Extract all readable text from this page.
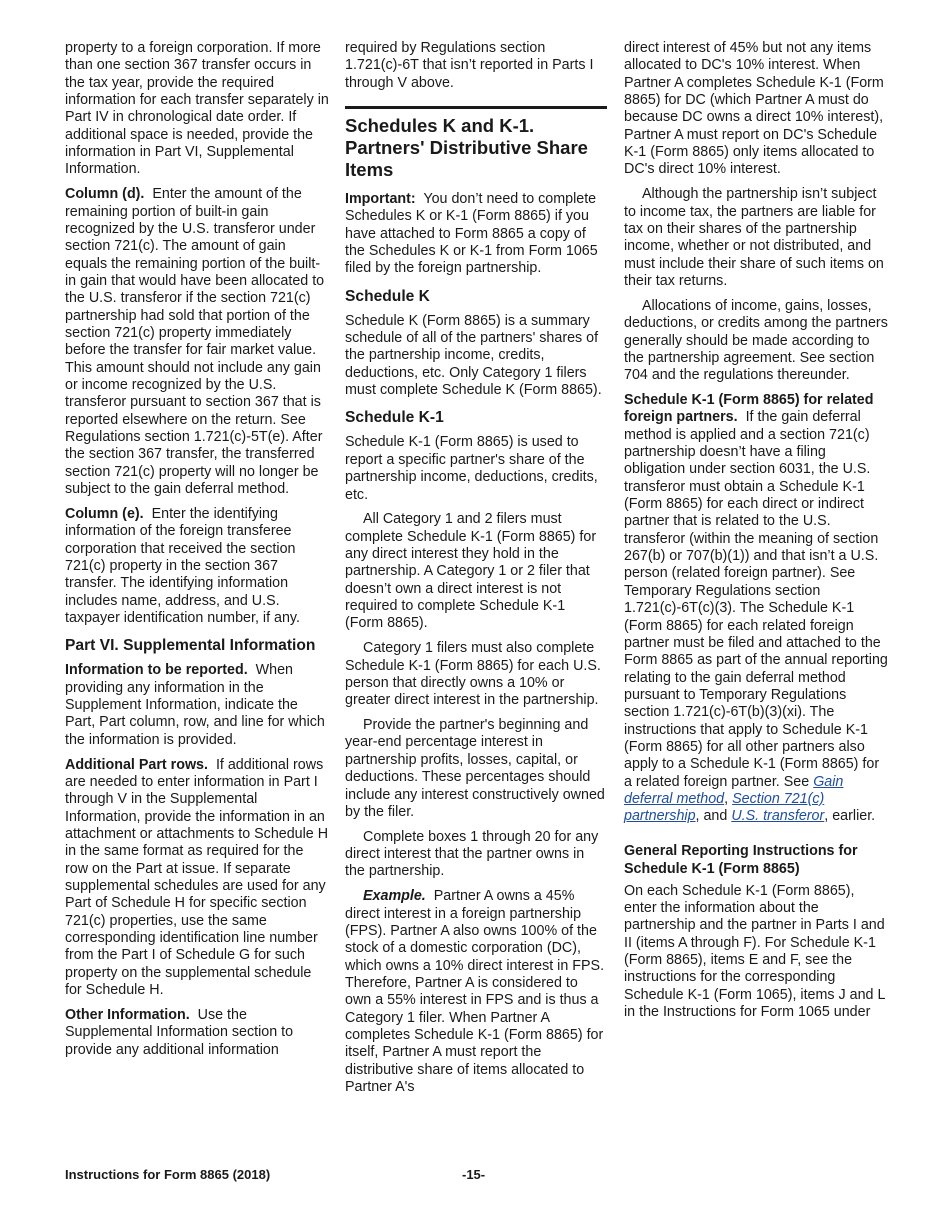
property to a foreign corporation. If more than one section 367 transfer occurs in the tax year, provide the required information for each transfer separately in Part IV in chronological date order. If additional space is needed, provide the information in Part VI, Supplemental Information.

Column (d). Enter the amount of the remaining portion of built-in gain recognized by the U.S. transferor under section 721(c). The amount of gain equals the remaining portion of the built-in gain that would have been allocated to the U.S. transferor if the section 721(c) partnership had sold that portion of the section 721(c) property immediately before the transfer for fair market value. This amount should not include any gain or income recognized by the U.S. transferor pursuant to section 367 that is reported elsewhere on the return. See Regulations section 1.721(c)-5T(e). After the section 367 transfer, the transferred section 721(c) property will no longer be subject to the gain deferral method.

Column (e). Enter the identifying information of the foreign transferee corporation that received the section 721(c) property in the section 367 transfer. The identifying information includes name, address, and U.S. taxpayer identification number, if any.

Part VI. Supplemental Information

Information to be reported. When providing any information in the Supplement Information, indicate the Part, Part column, row, and line for which the information is provided.

Additional Part rows. If additional rows are needed to enter information in Part I through V in the Supplemental Information, provide the information in an attachment or attachments to Schedule H in the same format as required for the row on the Part at issue. If separate supplemental schedules are used for any Part of Schedule H for specific section 721(c) properties, use the same corresponding identification line number from the Part I of Schedule G for such property on the supplemental schedule for Schedule H.

Other Information. Use the Supplemental Information section to provide any additional information

required by Regulations section 1.721(c)-6T that isn’t reported in Parts I through V above.

Schedules K and K-1. Partners' Distributive Share Items

Important: You don’t need to complete Schedules K or K-1 (Form 8865) if you have attached to Form 8865 a copy of the Schedules K or K-1 from Form 1065 filed by the foreign partnership.

Schedule K

Schedule K (Form 8865) is a summary schedule of all of the partners' shares of the partnership income, credits, deductions, etc. Only Category 1 filers must complete Schedule K (Form 8865).

Schedule K-1

Schedule K-1 (Form 8865) is used to report a specific partner's share of the partnership income, deductions, credits, etc.

All Category 1 and 2 filers must complete Schedule K-1 (Form 8865) for any direct interest they hold in the partnership. A Category 1 or 2 filer that doesn’t own a direct interest is not required to complete Schedule K-1 (Form 8865).

Category 1 filers must also complete Schedule K-1 (Form 8865) for each U.S. person that directly owns a 10% or greater direct interest in the partnership.

Provide the partner's beginning and year-end percentage interest in partnership profits, losses, capital, or deductions. These percentages should include any interest constructively owned by the filer.

Complete boxes 1 through 20 for any direct interest that the partner owns in the partnership.

Example. Partner A owns a 45% direct interest in a foreign partnership (FPS). Partner A also owns 100% of the stock of a domestic corporation (DC), which owns a 10% direct interest in FPS. Therefore, Partner A is considered to own a 55% interest in FPS and is thus a Category 1 filer. When Partner A completes Schedule K-1 (Form 8865) for itself, Partner A must report the distributive share of items allocated to Partner A's

direct interest of 45% but not any items allocated to DC's 10% interest. When Partner A completes Schedule K-1 (Form 8865) for DC (which Partner A must do because DC owns a direct 10% interest), Partner A must report on DC's Schedule K-1 (Form 8865) only items allocated to DC's direct 10% interest.

Although the partnership isn’t subject to income tax, the partners are liable for tax on their shares of the partnership income, whether or not distributed, and must include their share of such items on their tax returns.

Allocations of income, gains, losses, deductions, or credits among the partners generally should be made according to the partnership agreement. See section 704 and the regulations thereunder.

Schedule K-1 (Form 8865) for related foreign partners. If the gain deferral method is applied and a section 721(c) partnership doesn’t have a filing obligation under section 6031, the U.S. transferor must obtain a Schedule K-1 (Form 8865) for each direct or indirect partner that is related to the U.S. transferor (within the meaning of section 267(b) or 707(b)(1)) and that isn’t a U.S. person (related foreign partner). See Temporary Regulations section 1.721(c)-6T(c)(3). The Schedule K-1 (Form 8865) for each related foreign partner must be filed and attached to the Form 8865 as part of the annual reporting relating to the gain deferral method pursuant to Temporary Regulations section 1.721(c)-6T(b)(3)(xi). The instructions that apply to Schedule K-1 (Form 8865) for all other partners also apply to a Schedule K-1 (Form 8865) for a related foreign partner. See Gain deferral method, Section 721(c) partnership, and U.S. transferor, earlier.

General Reporting Instructions for Schedule K-1 (Form 8865)

On each Schedule K-1 (Form 8865), enter the information about the partnership and the partner in Parts I and II (items A through F). For Schedule K-1 (Form 8865), items E and F, see the instructions for the corresponding Schedule K-1 (Form 1065), items J and L in the Instructions for Form 1065 under

Instructions for Form 8865 (2018)	-15-
